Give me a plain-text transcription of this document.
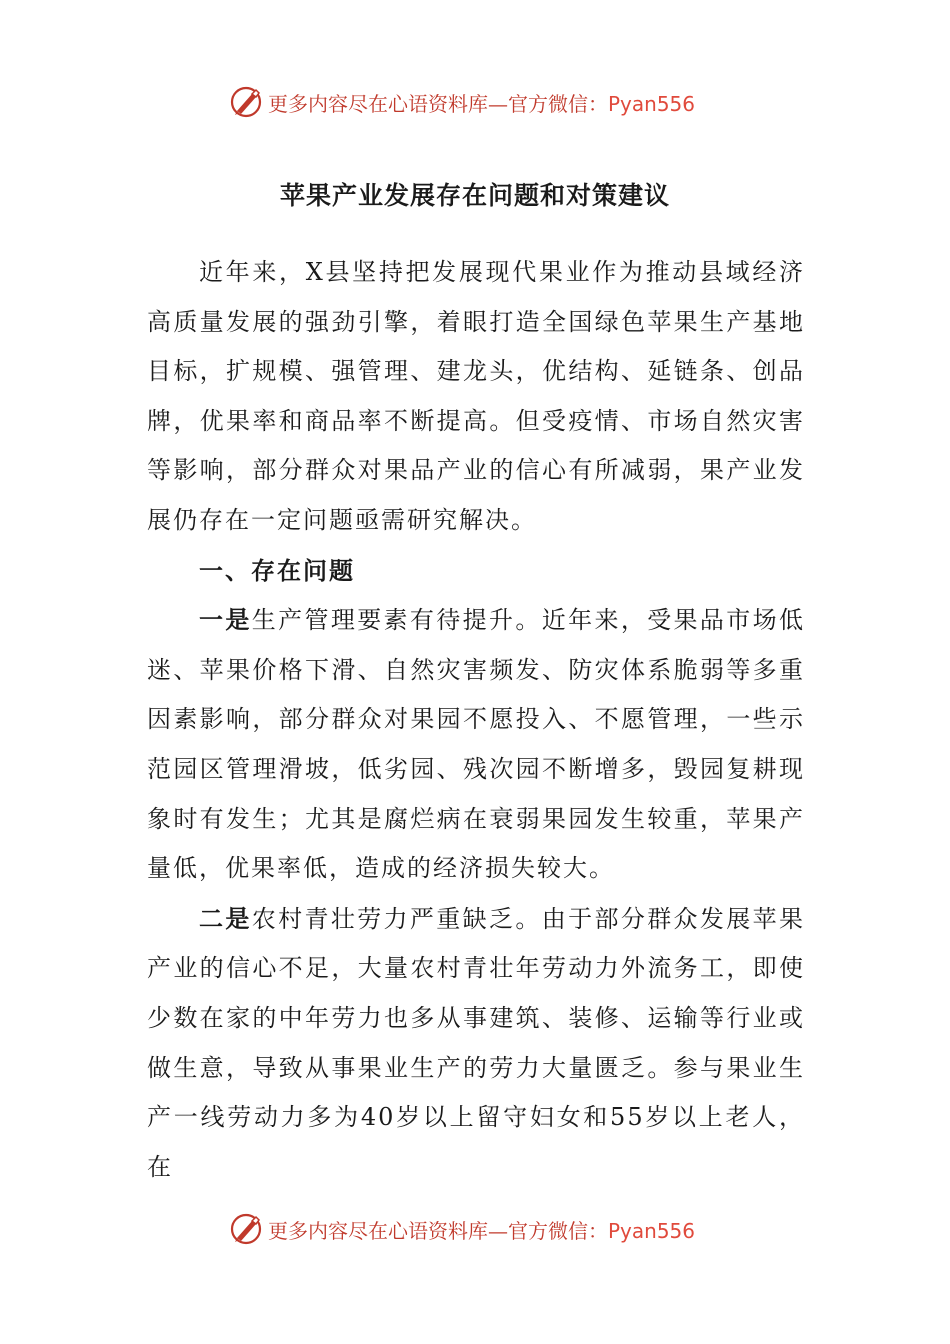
更多内容尽在心语资料库—官方微信：Pyan556
苹果产业发展存在问题和对策建议

近年来，X县坚持把发展现代果业作为推动县域经济高质量发展的强劲引擎，着眼打造全国绿色苹果生产基地目标，扩规模、强管理、建龙头，优结构、延链条、创品牌，优果率和商品率不断提高。但受疫情、市场自然灾害等影响，部分群众对果品产业的信心有所减弱，果产业发展仍存在一定问题亟需研究解决。

一、存在问题

一是生产管理要素有待提升。近年来，受果品市场低迷、苹果价格下滑、自然灾害频发、防灾体系脆弱等多重因素影响，部分群众对果园不愿投入、不愿管理，一些示范园区管理滑坡，低劣园、残次园不断增多，毁园复耕现象时有发生；尤其是腐烂病在衰弱果园发生较重，苹果产量低，优果率低，造成的经济损失较大。

二是农村青壮劳力严重缺乏。由于部分群众发展苹果产业的信心不足，大量农村青壮年劳动力外流务工，即使少数在家的中年劳力也多从事建筑、装修、运输等行业或做生意，导致从事果业生产的劳力大量匮乏。参与果业生产一线劳动力多为40岁以上留守妇女和55岁以上老人，在

更多内容尽在心语资料库—官方微信：Pyan556
